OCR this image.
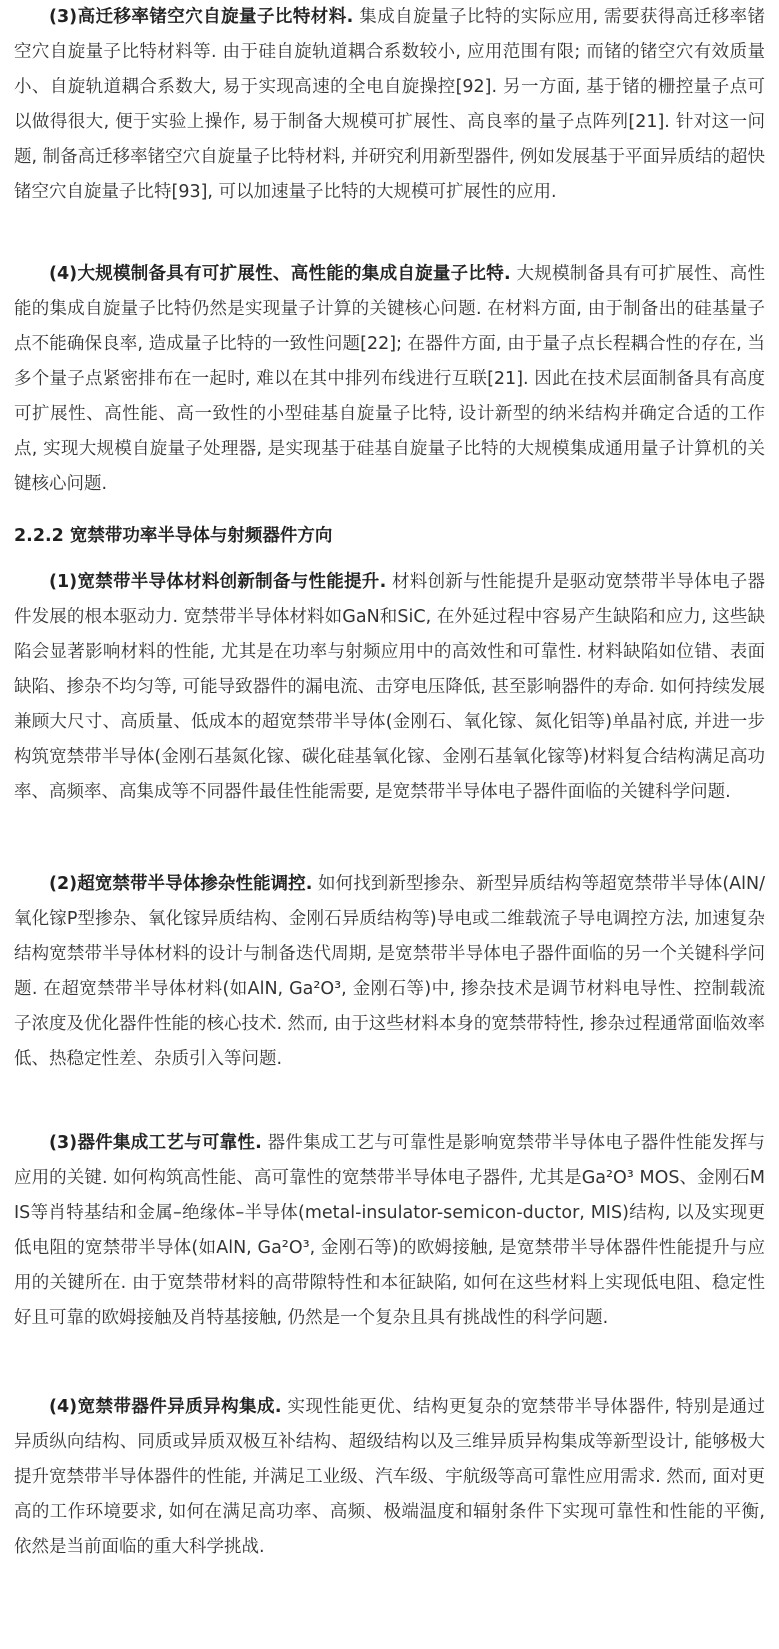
(3)高迁移率锗空穴自旋量子比特材料. 集成自旋量子比特的实际应用, 需要获得高迁移率锗空穴自旋量子比特材料等. 由于硅自旋轨道耦合系数较小, 应用范围有限; 而锗的锗空穴有效质量小、自旋轨道耦合系数大, 易于实现高速的全电自旋操控[92]. 另一方面, 基于锗的栅控量子点可以做得很大, 便于实验上操作, 易于制备大规模可扩展性、高良率的量子点阵列[21]. 针对这一问题, 制备高迁移率锗空穴自旋量子比特材料, 并研究利用新型器件, 例如发展基于平面异质结的超快锗空穴自旋量子比特[93], 可以加速量子比特的大规模可扩展性的应用.

(4)大规模制备具有可扩展性、高性能的集成自旋量子比特. 大规模制备具有可扩展性、高性能的集成自旋量子比特仍然是实现量子计算的关键核心问题. 在材料方面, 由于制备出的硅基量子点不能确保良率, 造成量子比特的一致性问题[22]; 在器件方面, 由于量子点长程耦合性的存在, 当多个量子点紧密排布在一起时, 难以在其中排列布线进行互联[21]. 因此在技术层面制备具有高度可扩展性、高性能、高一致性的小型硅基自旋量子比特, 设计新型的纳米结构并确定合适的工作点, 实现大规模自旋量子处理器, 是实现基于硅基自旋量子比特的大规模集成通用量子计算机的关键核心问题.

2.2.2 宽禁带功率半导体与射频器件方向

(1)宽禁带半导体材料创新制备与性能提升. 材料创新与性能提升是驱动宽禁带半导体电子器件发展的根本驱动力. 宽禁带半导体材料如GaN和SiC, 在外延过程中容易产生缺陷和应力, 这些缺陷会显著影响材料的性能, 尤其是在功率与射频应用中的高效性和可靠性. 材料缺陷如位错、表面缺陷、掺杂不均匀等, 可能导致器件的漏电流、击穿电压降低, 甚至影响器件的寿命. 如何持续发展兼顾大尺寸、高质量、低成本的超宽禁带半导体(金刚石、氧化镓、氮化铝等)单晶衬底, 并进一步构筑宽禁带半导体(金刚石基氮化镓、碳化硅基氧化镓、金刚石基氧化镓等)材料复合结构满足高功率、高频率、高集成等不同器件最佳性能需要, 是宽禁带半导体电子器件面临的关键科学问题.

(2)超宽禁带半导体掺杂性能调控. 如何找到新型掺杂、新型异质结构等超宽禁带半导体(AlN/氧化镓P型掺杂、氧化镓异质结构、金刚石异质结构等)导电或二维载流子导电调控方法, 加速复杂结构宽禁带半导体材料的设计与制备迭代周期, 是宽禁带半导体电子器件面临的另一个关键科学问题. 在超宽禁带半导体材料(如AlN, Ga²O³, 金刚石等)中, 掺杂技术是调节材料电导性、控制载流子浓度及优化器件性能的核心技术. 然而, 由于这些材料本身的宽禁带特性, 掺杂过程通常面临效率低、热稳定性差、杂质引入等问题.

(3)器件集成工艺与可靠性. 器件集成工艺与可靠性是影响宽禁带半导体电子器件性能发挥与应用的关键. 如何构筑高性能、高可靠性的宽禁带半导体电子器件, 尤其是Ga²O³ MOS、金刚石MIS等肖特基结和金属–绝缘体–半导体(metal-insulator-semicon-ductor, MIS)结构, 以及实现更低电阻的宽禁带半导体(如AlN, Ga²O³, 金刚石等)的欧姆接触, 是宽禁带半导体器件性能提升与应用的关键所在. 由于宽禁带材料的高带隙特性和本征缺陷, 如何在这些材料上实现低电阻、稳定性好且可靠的欧姆接触及肖特基接触, 仍然是一个复杂且具有挑战性的科学问题.

(4)宽禁带器件异质异构集成. 实现性能更优、结构更复杂的宽禁带半导体器件, 特别是通过异质纵向结构、同质或异质双极互补结构、超级结构以及三维异质异构集成等新型设计, 能够极大提升宽禁带半导体器件的性能, 并满足工业级、汽车级、宇航级等高可靠性应用需求. 然而, 面对更高的工作环境要求, 如何在满足高功率、高频、极端温度和辐射条件下实现可靠性和性能的平衡, 依然是当前面临的重大科学挑战.
